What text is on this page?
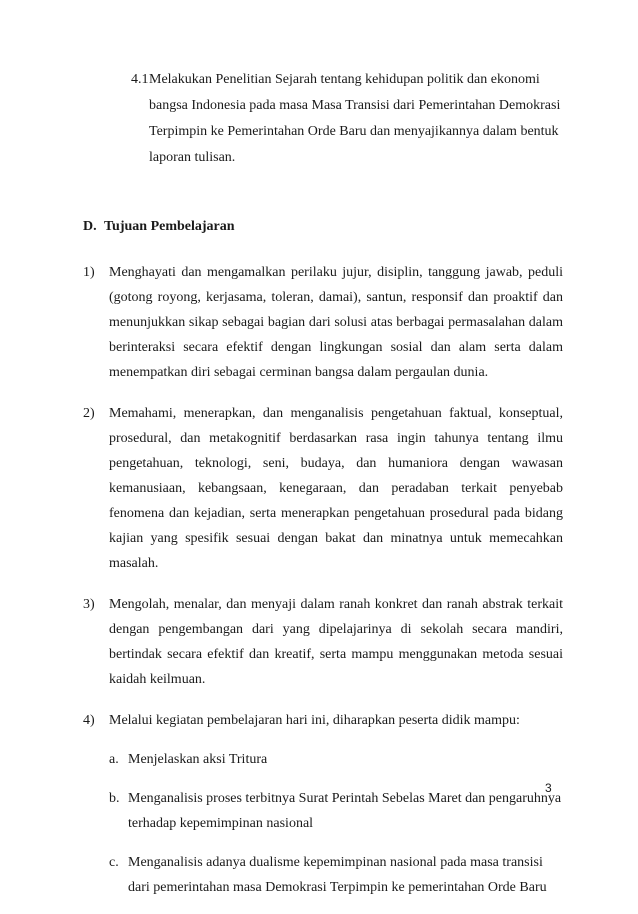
4.1 Melakukan Penelitian Sejarah tentang kehidupan politik dan ekonomi bangsa Indonesia pada masa Masa Transisi dari Pemerintahan Demokrasi Terpimpin ke Pemerintahan Orde Baru dan menyajikannya dalam bentuk laporan tulisan.

D. Tujuan Pembelajaran

1) Menghayati dan mengamalkan perilaku jujur, disiplin, tanggung jawab, peduli (gotong royong, kerjasama, toleran, damai), santun, responsif dan proaktif dan menunjukkan sikap sebagai bagian dari solusi atas berbagai permasalahan dalam berinteraksi secara efektif dengan lingkungan sosial dan alam serta dalam menempatkan diri sebagai cerminan bangsa dalam pergaulan dunia.

2) Memahami, menerapkan, dan menganalisis pengetahuan faktual, konseptual, prosedural, dan metakognitif berdasarkan rasa ingin tahunya tentang ilmu pengetahuan, teknologi, seni, budaya, dan humaniora dengan wawasan kemanusiaan, kebangsaan, kenegaraan, dan peradaban terkait penyebab fenomena dan kejadian, serta menerapkan pengetahuan prosedural pada bidang kajian yang spesifik sesuai dengan bakat dan minatnya untuk memecahkan masalah.

3) Mengolah, menalar, dan menyaji dalam ranah konkret dan ranah abstrak terkait dengan pengembangan dari yang dipelajarinya di sekolah secara mandiri, bertindak secara efektif dan kreatif, serta mampu menggunakan metoda sesuai kaidah keilmuan.

4) Melalui kegiatan pembelajaran hari ini, diharapkan peserta didik mampu:

a. Menjelaskan aksi Tritura

b. Menganalisis proses terbitnya Surat Perintah Sebelas Maret dan pengaruhnya terhadap kepemimpinan nasional

c. Menganalisis adanya dualisme kepemimpinan nasional pada masa transisi dari pemerintahan masa Demokrasi Terpimpin ke pemerintahan Orde Baru

3
